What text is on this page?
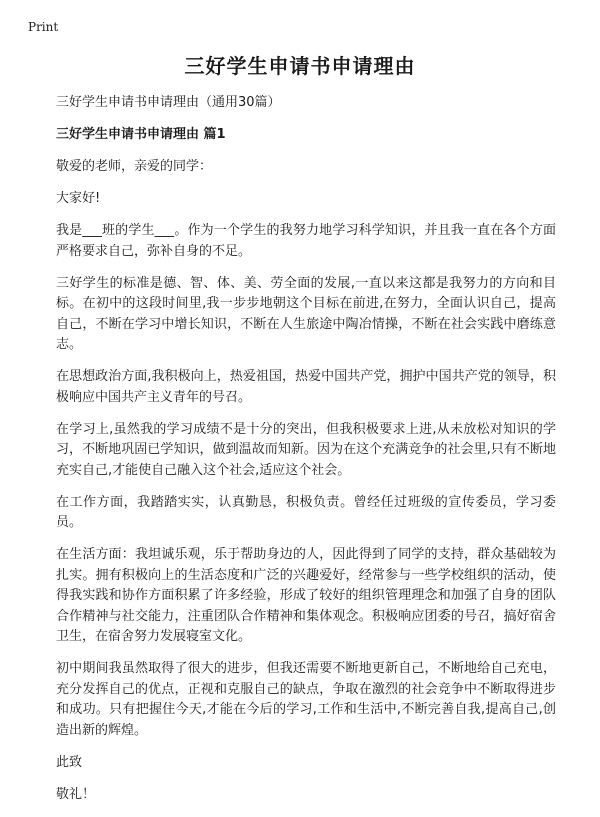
Print
三好学生申请书申请理由

三好学生申请书申请理由（通用30篇）

三好学生申请书申请理由 篇1

敬爱的老师，亲爱的同学：

大家好!

我是___班的学生___。作为一个学生的我努力地学习科学知识，并且我一直在各个方面严格要求自己，弥补自身的不足。

三好学生的标准是德、智、体、美、劳全面的发展,一直以来这都是我努力的方向和目标。在初中的这段时间里,我一步步地朝这个目标在前进,在努力，全面认识自己，提高自己，不断在学习中增长知识，不断在人生旅途中陶冶情操，不断在社会实践中磨练意志。

在思想政治方面,我积极向上，热爱祖国，热爱中国共产党，拥护中国共产党的领导，积极响应中国共产主义青年的号召。

在学习上,虽然我的学习成绩不是十分的突出，但我积极要求上进,从未放松对知识的学习，不断地巩固已学知识，做到温故而知新。因为在这个充满竞争的社会里,只有不断地充实自己,才能使自己融入这个社会,适应这个社会。

在工作方面，我踏踏实实，认真勤恳，积极负责。曾经任过班级的宣传委员，学习委员。

在生活方面：我坦诚乐观，乐于帮助身边的人，因此得到了同学的支持，群众基础较为扎实。拥有积极向上的生活态度和广泛的兴趣爱好，经常参与一些学校组织的活动，使得我实践和协作方面积累了许多经验，形成了较好的组织管理理念和加强了自身的团队合作精神与社交能力，注重团队合作精神和集体观念。积极响应团委的号召，搞好宿舍卫生，在宿舍努力发展寝室文化。

初中期间我虽然取得了很大的进步，但我还需要不断地更新自己，不断地给自己充电，充分发挥自己的优点，正视和克服自己的缺点，争取在激烈的社会竞争中不断取得进步和成功。只有把握住今天,才能在今后的学习,工作和生活中,不断完善自我,提高自己,创造出新的辉煌。

此致

敬礼！
